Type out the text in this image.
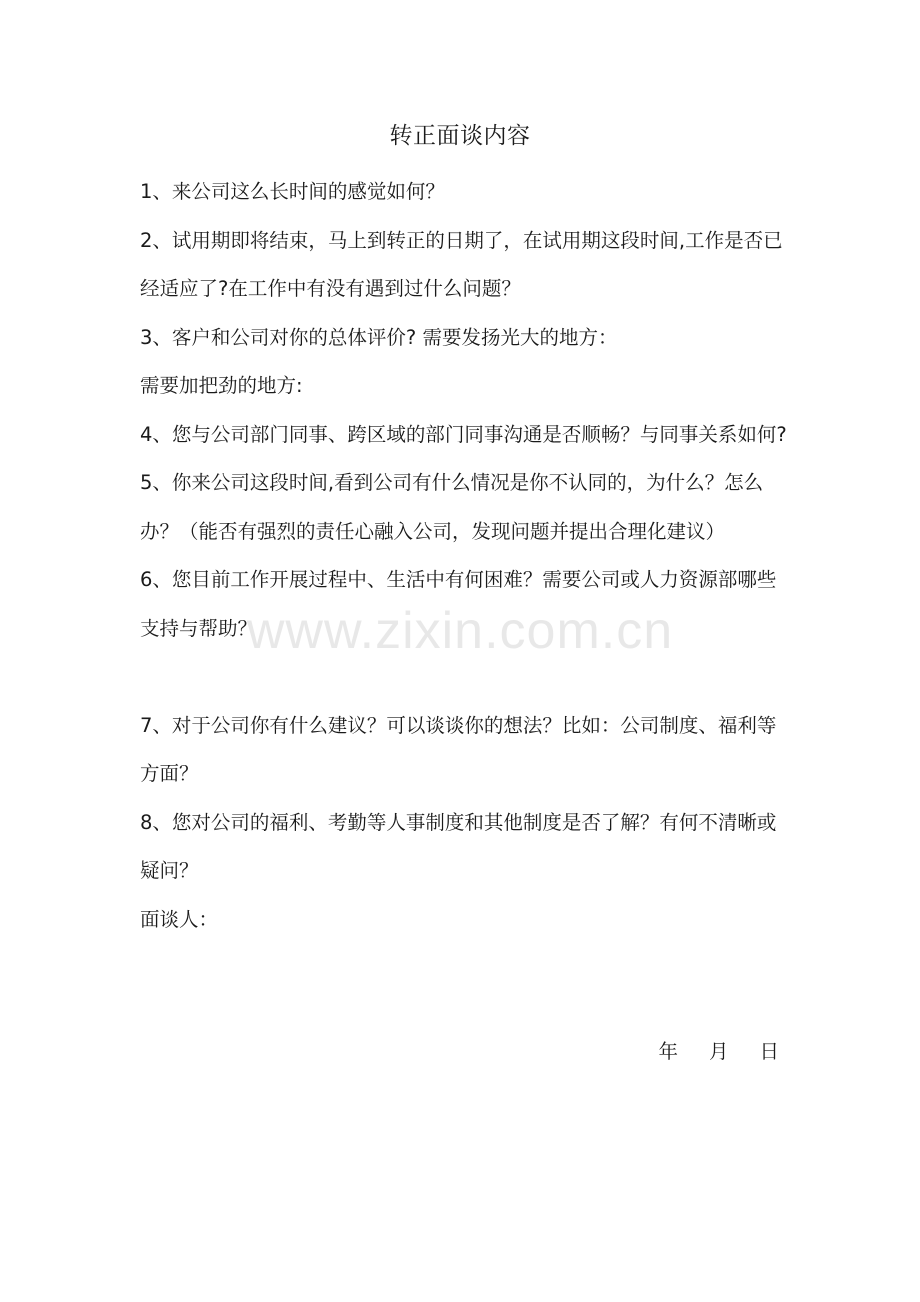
转正面谈内容

1、来公司这么长时间的感觉如何？

2、试用期即将结束，马上到转正的日期了，在试用期这段时间,工作是否已经适应了?在工作中有没有遇到过什么问题？

3、客户和公司对你的总体评价? 需要发扬光大的地方：

需要加把劲的地方:

4、您与公司部门同事、跨区域的部门同事沟通是否顺畅？与同事关系如何?

5、你来公司这段时间,看到公司有什么情况是你不认同的，为什么？怎么办？（能否有强烈的责任心融入公司，发现问题并提出合理化建议）

6、您目前工作开展过程中、生活中有何困难？需要公司或人力资源部哪些支持与帮助？

7、对于公司你有什么建议？可以谈谈你的想法？比如：公司制度、福利等方面？

8、您对公司的福利、考勤等人事制度和其他制度是否了解？有何不清晰或疑问？

面谈人：

年     月     日
www.zixin.com.cn
